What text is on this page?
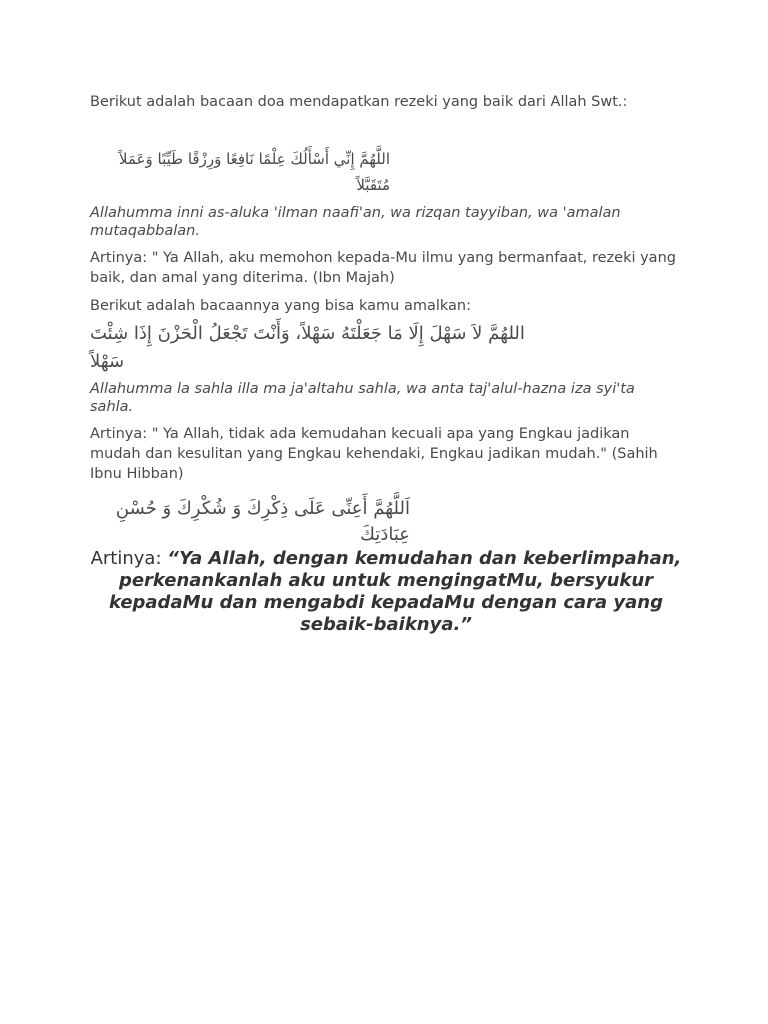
Berikut adalah bacaan doa mendapatkan rezeki yang baik dari Allah Swt.:

اللَّهُمَّ إِنِّي أَسْأَلُكَ عِلْمًا نَافِعًا وَرِزْقًا طَيِّبًا وَعَمَلاً مُتَقَبَّلاً

Allahumma inni as-aluka 'ilman naafi'an, wa rizqan tayyiban, wa 'amalan mutaqabbalan.

Artinya: " Ya Allah, aku memohon kepada-Mu ilmu yang bermanfaat, rezeki yang baik, dan amal yang diterima. (Ibn Majah)

Berikut adalah bacaannya yang bisa kamu amalkan:

اللهُمَّ لاَ سَهْلَ إِلَا مَا جَعَلْتَهُ سَهْلاً، وَأَنْتَ تَجْعَلُ الْحَزْنَ إِذَا شِئْتَ سَهْلاً

Allahumma la sahla illa ma ja'altahu sahla, wa anta taj'alul-hazna iza syi'ta sahla.

Artinya: " Ya Allah, tidak ada kemudahan kecuali apa yang Engkau jadikan mudah dan kesulitan yang Engkau kehendaki, Engkau jadikan mudah." (Sahih Ibnu Hibban)

اَللَّهُمَّ أَعِنِّى عَلَى ذِكْرِكَ وَ شُكْرِكَ وَ حُسْنِ عِبَادَتِكَ

Artinya: “Ya Allah, dengan kemudahan dan keberlimpahan, perkenankanlah aku untuk mengingatMu, bersyukur kepadaMu dan mengabdi kepadaMu dengan cara yang sebaik-baiknya.”
